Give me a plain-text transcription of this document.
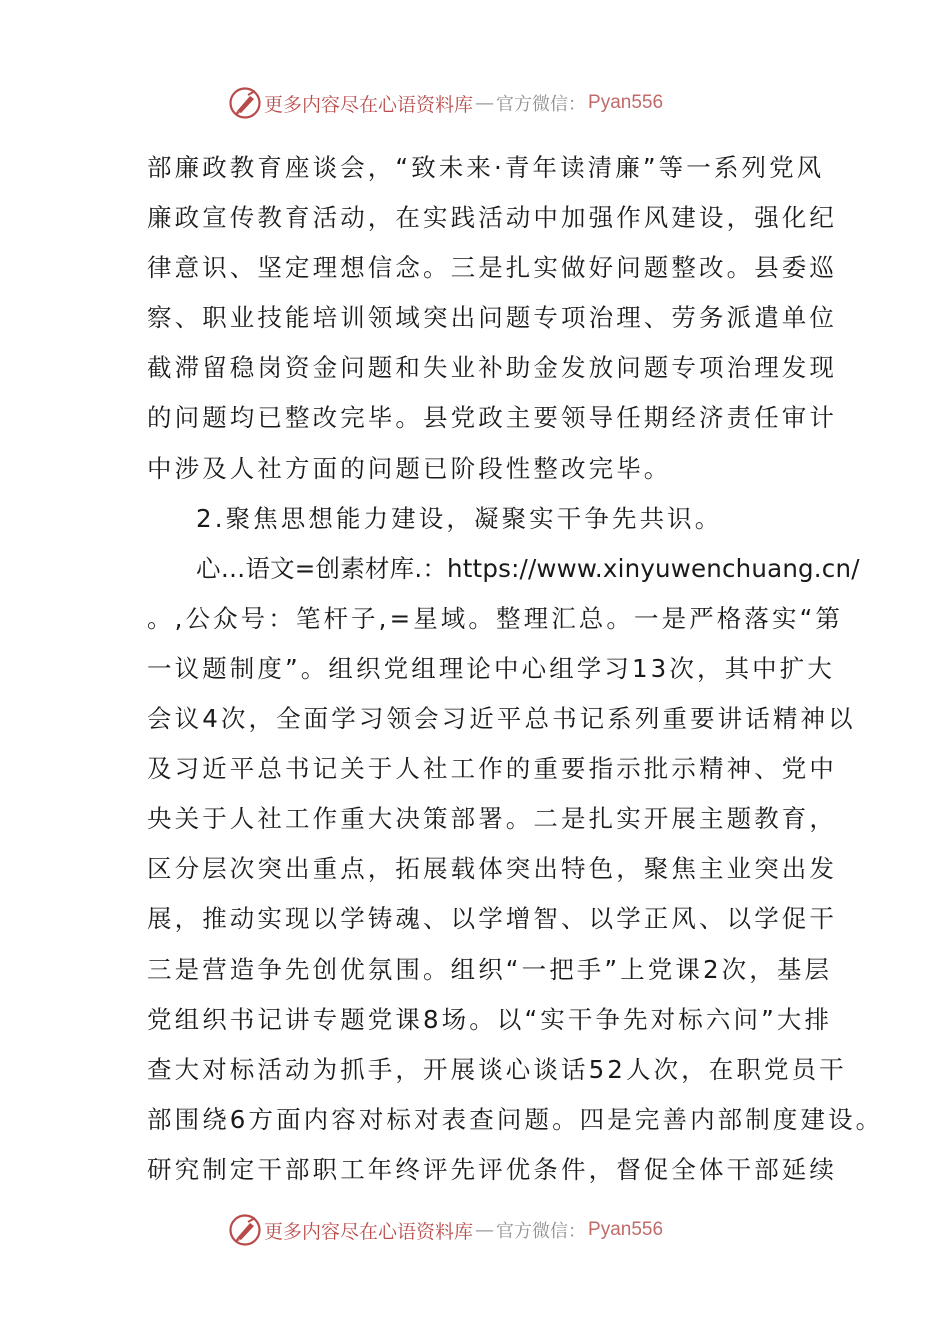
更多内容尽在心语资料库 — 官方微信： Pyan556
部廉政教育座谈会，“致未来·青年读清廉”等一系列党风
廉政宣传教育活动，在实践活动中加强作风建设，强化纪
律意识、坚定理想信念。三是扎实做好问题整改。县委巡
察、职业技能培训领域突出问题专项治理、劳务派遣单位
截滞留稳岗资金问题和失业补助金发放问题专项治理发现
的问题均已整改完毕。县党政主要领导任期经济责任审计
中涉及人社方面的问题已阶段性整改完毕。
2.聚焦思想能力建设，凝聚实干争先共识。
心…语文=创素材库.：https://www.xinyuwenchuang.cn/
。,公众号：笔杆子,=星域。整理汇总。一是严格落实“第
一议题制度”。组织党组理论中心组学习13次，其中扩大
会议4次，全面学习领会习近平总书记系列重要讲话精神以
及习近平总书记关于人社工作的重要指示批示精神、党中
央关于人社工作重大决策部署。二是扎实开展主题教育，
区分层次突出重点，拓展载体突出特色，聚焦主业突出发
展，推动实现以学铸魂、以学增智、以学正风、以学促干
三是营造争先创优氛围。组织“一把手”上党课2次，基层
党组织书记讲专题党课8场。以“实干争先对标六问”大排
查大对标活动为抓手，开展谈心谈话52人次，在职党员干
部围绕6方面内容对标对表查问题。四是完善内部制度建设。
研究制定干部职工年终评先评优条件，督促全体干部延续
更多内容尽在心语资料库 — 官方微信： Pyan556
